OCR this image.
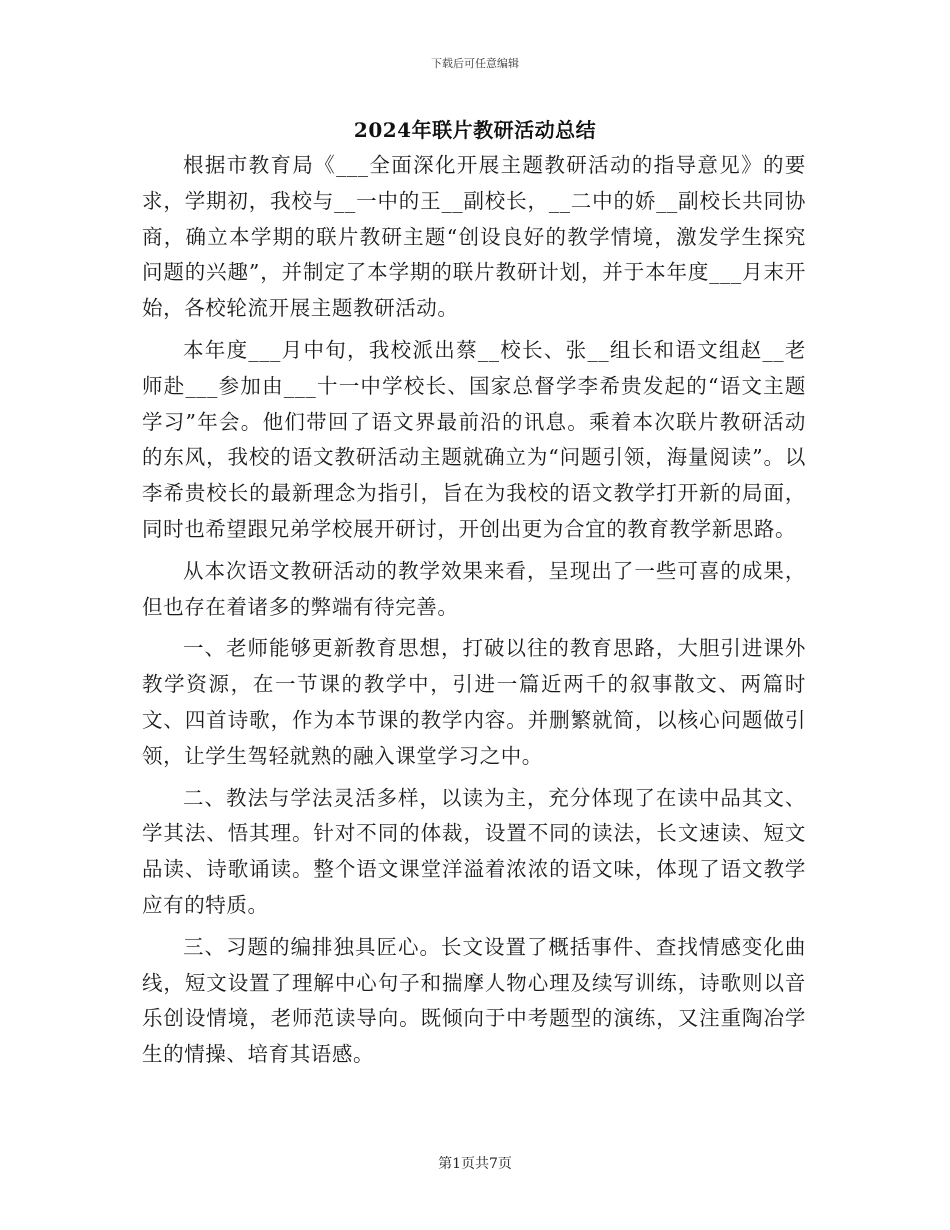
下载后可任意编辑
2024年联片教研活动总结

根据市教育局《___全面深化开展主题教研活动的指导意见》的要求，学期初，我校与__一中的王__副校长，__二中的娇__副校长共同协商，确立本学期的联片教研主题“创设良好的教学情境，激发学生探究问题的兴趣”，并制定了本学期的联片教研计划，并于本年度___月末开始，各校轮流开展主题教研活动。

本年度___月中旬，我校派出蔡__校长、张__组长和语文组赵__老师赴___参加由___十一中学校长、国家总督学李希贵发起的“语文主题学习”年会。他们带回了语文界最前沿的讯息。乘着本次联片教研活动的东风，我校的语文教研活动主题就确立为“问题引领，海量阅读”。以李希贵校长的最新理念为指引，旨在为我校的语文教学打开新的局面，同时也希望跟兄弟学校展开研讨，开创出更为合宜的教育教学新思路。

从本次语文教研活动的教学效果来看，呈现出了一些可喜的成果，但也存在着诸多的弊端有待完善。

一、老师能够更新教育思想，打破以往的教育思路，大胆引进课外教学资源，在一节课的教学中，引进一篇近两千的叙事散文、两篇时文、四首诗歌，作为本节课的教学内容。并删繁就简，以核心问题做引领，让学生驾轻就熟的融入课堂学习之中。

二、教法与学法灵活多样，以读为主，充分体现了在读中品其文、学其法、悟其理。针对不同的体裁，设置不同的读法，长文速读、短文品读、诗歌诵读。整个语文课堂洋溢着浓浓的语文味，体现了语文教学应有的特质。

三、习题的编排独具匠心。长文设置了概括事件、查找情感变化曲线，短文设置了理解中心句子和揣摩人物心理及续写训练，诗歌则以音乐创设情境，老师范读导向。既倾向于中考题型的演练，又注重陶冶学生的情操、培育其语感。

第1页共7页
